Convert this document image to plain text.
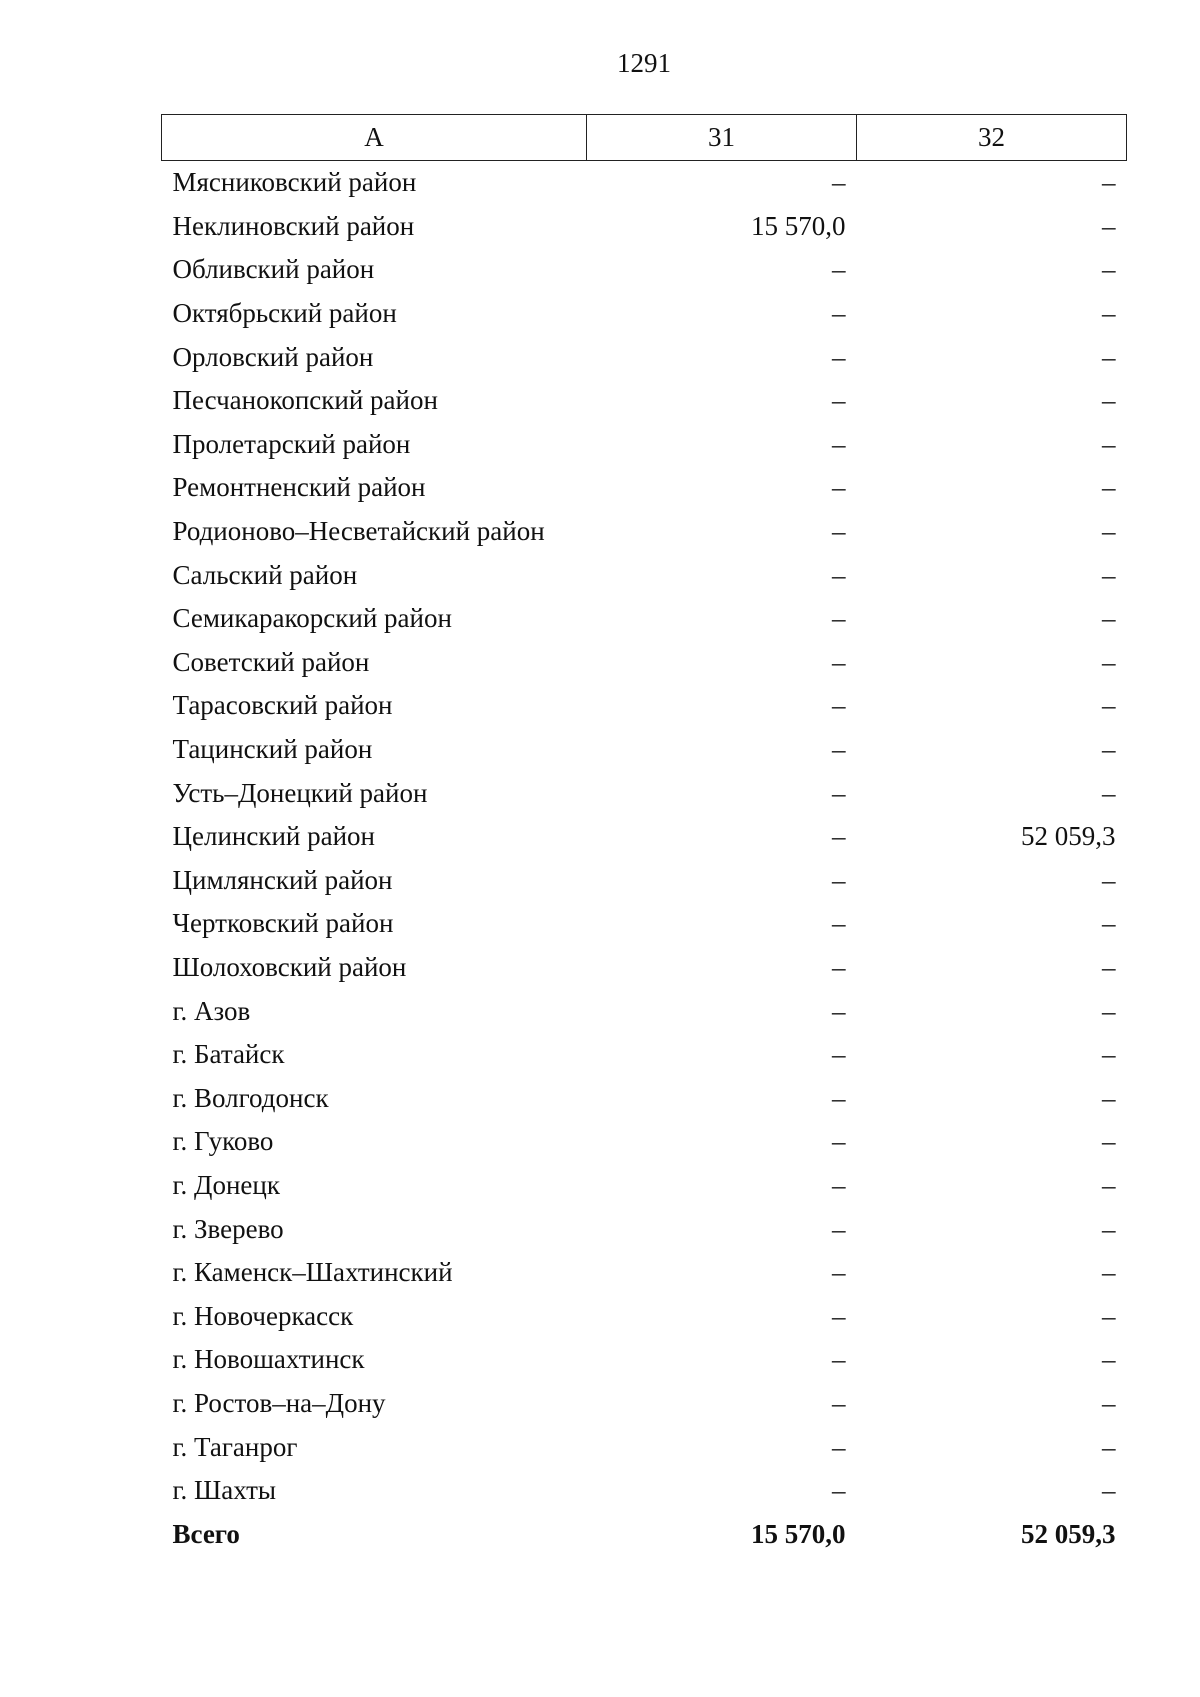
1291
А	31	32
Мясниковский район	–	–
Неклиновский район	15 570,0	–
Обливский район	–	–
Октябрьский район	–	–
Орловский район	–	–
Песчанокопский район	–	–
Пролетарский район	–	–
Ремонтненский район	–	–
Родионово–Несветайский район	–	–
Сальский район	–	–
Семикаракорский район	–	–
Советский район	–	–
Тарасовский район	–	–
Тацинский район	–	–
Усть–Донецкий район	–	–
Целинский район	–	52 059,3
Цимлянский район	–	–
Чертковский район	–	–
Шолоховский район	–	–
г. Азов	–	–
г. Батайск	–	–
г. Волгодонск	–	–
г. Гуково	–	–
г. Донецк	–	–
г. Зверево	–	–
г. Каменск–Шахтинский	–	–
г. Новочеркасск	–	–
г. Новошахтинск	–	–
г. Ростов–на–Дону	–	–
г. Таганрог	–	–
г. Шахты	–	–
Всего	15 570,0	52 059,3
